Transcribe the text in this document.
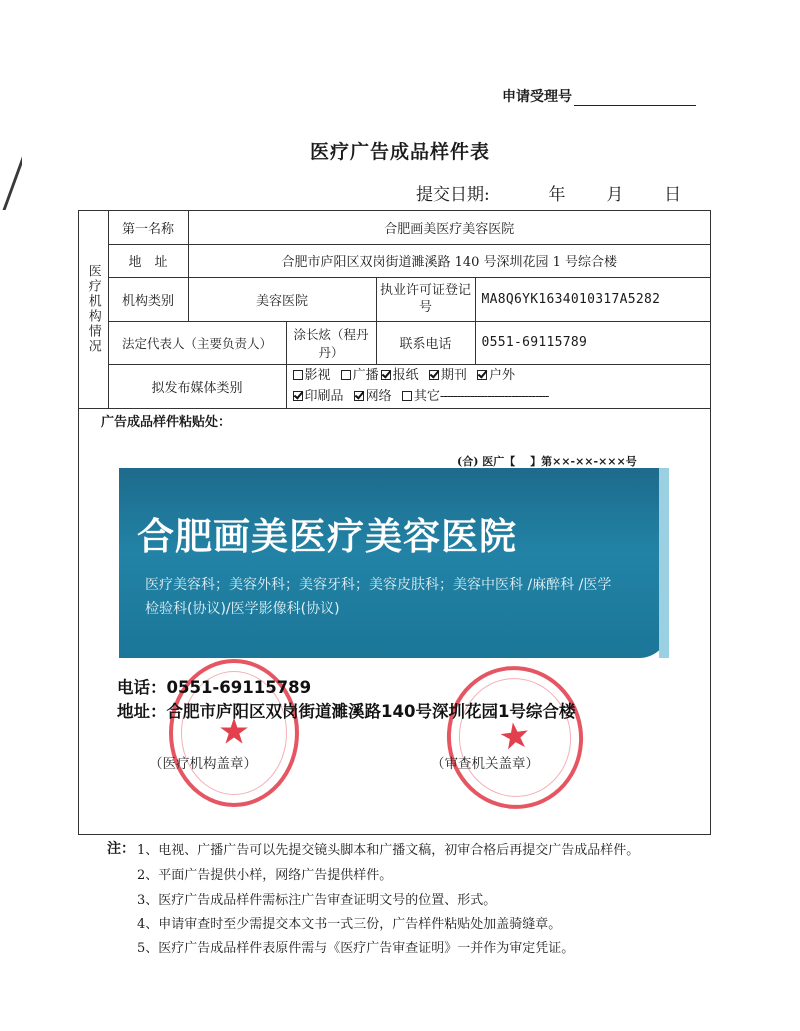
申请受理号
医疗广告成品样件表
提交日期:	年 月 日
医疗机构情况	第一名称	合肥画美医疗美容医院				
	地　址	合肥市庐阳区双岗街道濉溪路 140 号深圳花园 1 号综合楼				
	机构类别	美容医院		执业许可证登记号	MA8Q6YK1634010317A5282	
	法定代表人（主要负责人）		涂长炫（程丹丹）	联系电话	0551-69115789	
	拟发布媒体类别		影视 广播 报纸 期刊 户外
印刷品 网络 其它--------------------------------			

广告成品样件粘贴处：
(合) 医广【　 】第××-××-×××号
合肥画美医疗美容医院
医疗美容科；美容外科；美容牙科；美容皮肤科；美容中医科 /麻醉科 /医学检验科(协议)/医学影像科(协议)
★	★
电话：0551-69115789
地址：合肥市庐阳区双岗街道濉溪路140号深圳花园1号综合楼
（医疗机构盖章）	（审查机关盖章）
注： 1、电视、广播广告可以先提交镜头脚本和广播文稿，初审合格后再提交广告成品样件。
2、平面广告提供小样，网络广告提供样件。
3、医疗广告成品样件需标注广告审查证明文号的位置、形式。
4、申请审查时至少需提交本文书一式三份，广告样件粘贴处加盖骑缝章。
5、医疗广告成品样件表原件需与《医疗广告审查证明》一并作为审定凭证。
